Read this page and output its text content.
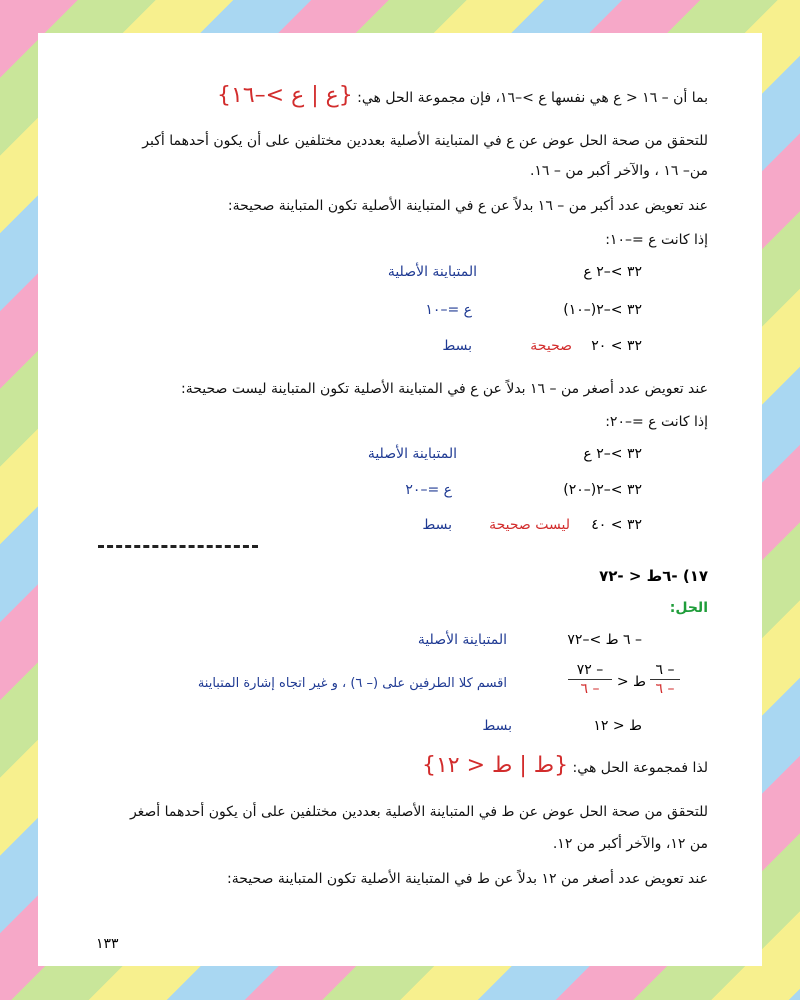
بما أن – ١٦ < ع هي نفسها ع >–١٦، فإن مجموعة الحل هي: {ع | ع >–١٦}
للتحقق من صحة الحل عوض عن ع في المتباينة الأصلية بعددين مختلفين على أن يكون أحدهما أكبر
من– ١٦ ، والآخر أكبر من – ١٦.
عند تعويض عدد أكبر من – ١٦ بدلاً عن ع في المتباينة الأصلية تكون المتباينة صحيحة:
إذا كانت ع =–١٠:
٣٢ >–٢ ع
المتباينة الأصلية
٣٢ >–٢(–١٠)
ع =–١٠
٣٢ > ٢٠
صحيحة
بسط
عند تعويض عدد أصغر من – ١٦ بدلاً عن ع في المتباينة الأصلية تكون المتباينة ليست صحيحة:
إذا كانت ع =–٢٠:
٣٢ >–٢ ع
المتباينة الأصلية
٣٢ >–٢(–٢٠)
ع =–٢٠
٣٢ > ٤٠
ليست صحيحة
بسط
١٧) -٦ط < -٧٢
الحل:
– ٦ ط >–٧٢
المتباينة الأصلية
– ٦
– ٦
ط <
– ٧٢
– ٦
اقسم كلا الطرفين على (– ٦) ، و غير اتجاه إشارة المتباينة
ط < ١٢
بسط
لذا فمجموعة الحل هي: {ط | ط < ١٢}
للتحقق من صحة الحل عوض عن ط في المتباينة الأصلية بعددين مختلفين على أن يكون أحدهما أصغر
من ١٢، والآخر أكبر من ١٢.
عند تعويض عدد أصغر من ١٢ بدلاً عن ط في المتباينة الأصلية تكون المتباينة صحيحة:
١٣٣
